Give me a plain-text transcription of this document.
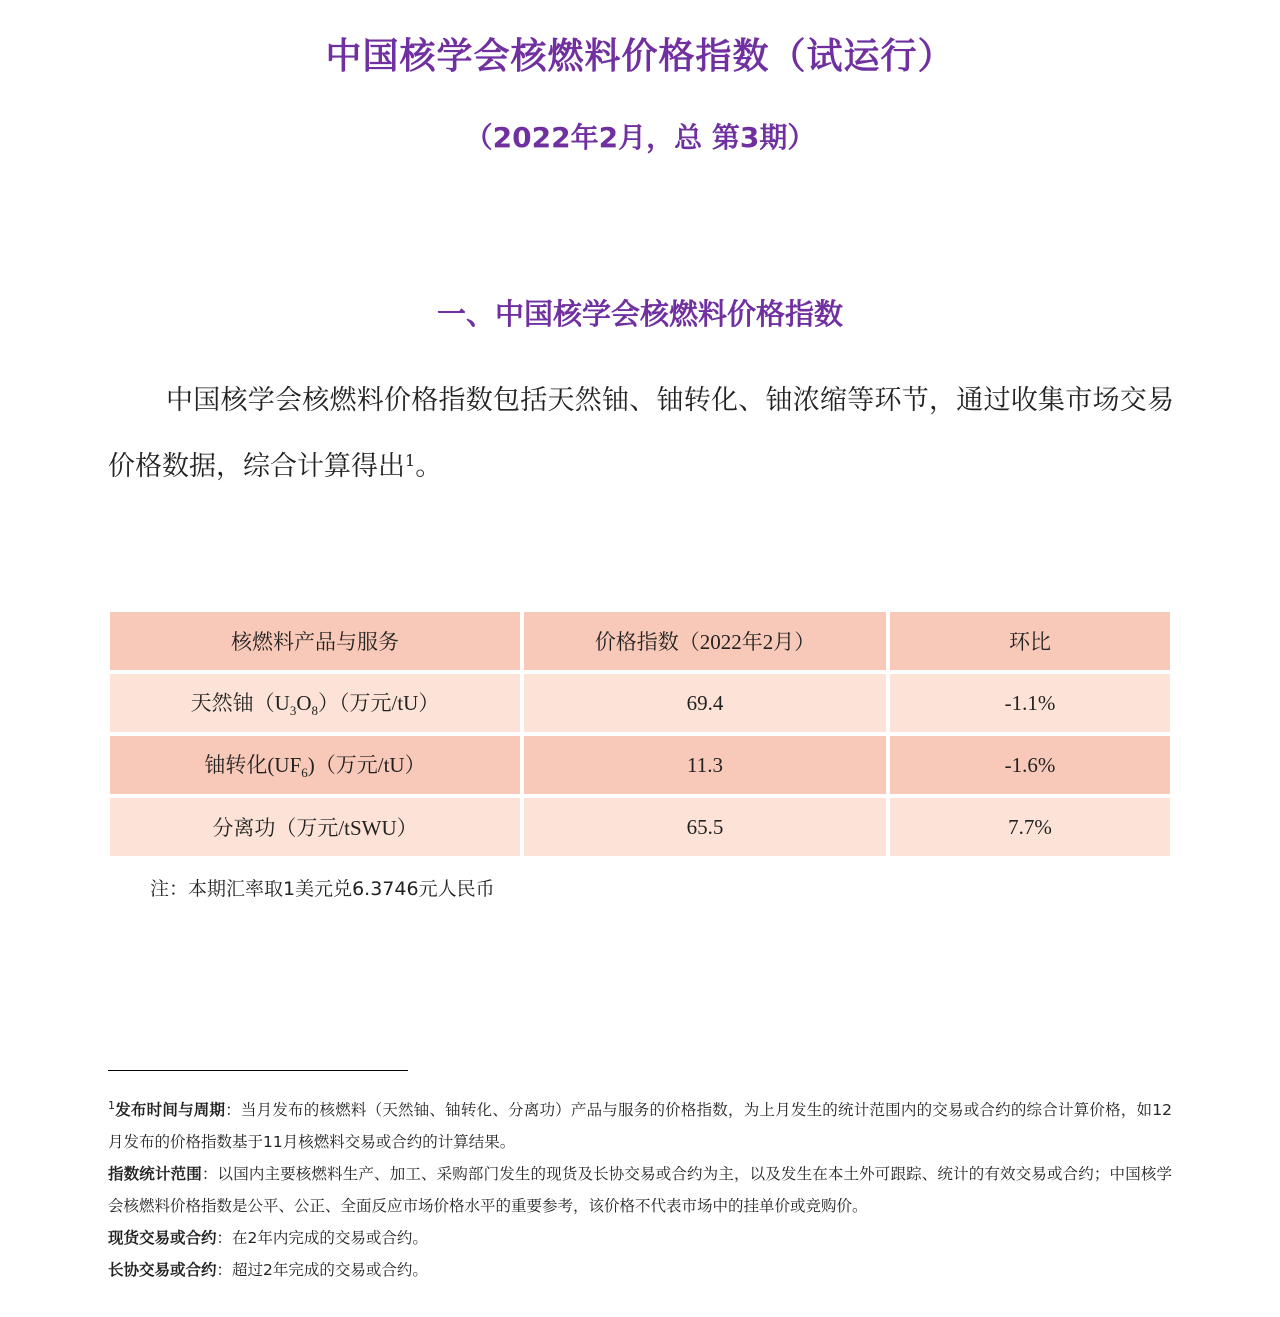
中国核学会核燃料价格指数（试运行）
（2022年2月，总 第3期）
一、中国核学会核燃料价格指数

中国核学会核燃料价格指数包括天然铀、铀转化、铀浓缩等环节，通过收集市场交易价格数据，综合计算得出$^1$。

核燃料产品与服务	价格指数（2022年2月）	环比
天然铀$(U_3O_8)$（万元/tU）	69.4	-1.1%
铀转化$(UF_6)$（万元/tU）	11.3	-1.6%
分离功（万元/tSWU）	65.5	7.7%
注：本期汇率取1美元兑6.3746元人民币

$^1$发布时间与周期：当月发布的核燃料（天然铀、铀转化、分离功）产品与服务的价格指数，为上月发生的统计范围内的交易或合约的综合计算价格，如12月发布的价格指数基于11月核燃料交易或合约的计算结果。

指数统计范围：以国内主要核燃料生产、加工、采购部门发生的现货及长协交易或合约为主，以及发生在本土外可跟踪、统计的有效交易或合约；中国核学会核燃料价格指数是公平、公正、全面反应市场价格水平的重要参考，该价格不代表市场中的挂单价或竞购价。

现货交易或合约：在2年内完成的交易或合约。

长协交易或合约：超过2年完成的交易或合约。
